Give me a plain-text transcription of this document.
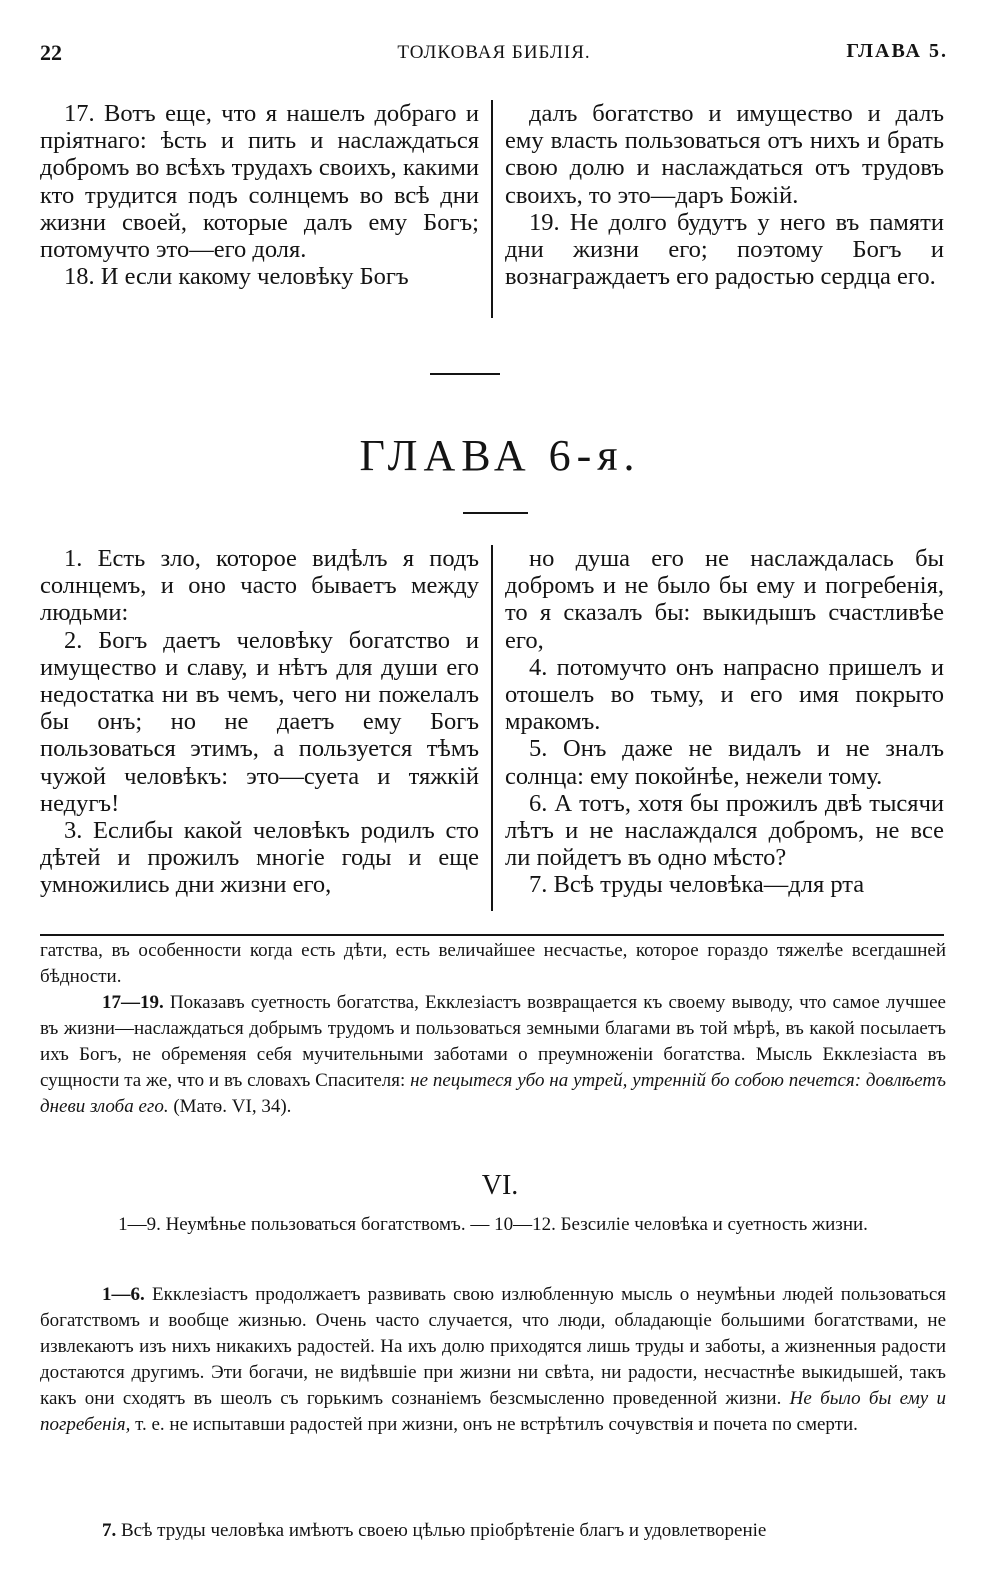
22	ТОЛКОВАЯ БИБЛІЯ.	ГЛАВА 5.

17. Вотъ еще, что я нашелъ добраго и пріятнаго: ѣсть и пить и наслаждаться добромъ во всѣхъ трудахъ своихъ, какими кто трудится подъ солнцемъ во всѣ дни жизни своей, которые далъ ему Богъ; потомучто это—его доля.

18. И если какому человѣку Богъ

далъ богатство и имущество и далъ ему власть пользоваться отъ нихъ и брать свою долю и наслаждаться отъ трудовъ своихъ, то это—даръ Божій.

19. Не долго будутъ у него въ памяти дни жизни его; поэтому Богъ и вознаграждаетъ его радостью сердца его.

ГЛАВА 6-я.

1. Есть зло, которое видѣлъ я подъ солнцемъ, и оно часто бываетъ между людьми:

2. Богъ даетъ человѣку богатство и имущество и славу, и нѣтъ для души его недостатка ни въ чемъ, чего ни пожелалъ бы онъ; но не даетъ ему Богъ пользоваться этимъ, а пользуется тѣмъ чужой человѣкъ: это—суета и тяжкій недугъ!

3. Еслибы какой человѣкъ родилъ сто дѣтей и прожилъ многіе годы и еще умножились дни жизни его,

но душа его не наслаждалась бы добромъ и не было бы ему и погребенія, то я сказалъ бы: выкидышъ счастливѣе его,

4. потомучто онъ напрасно пришелъ и отошелъ во тьму, и его имя покрыто мракомъ.

5. Онъ даже не видалъ и не зналъ солнца: ему покойнѣе, нежели тому.

6. А тотъ, хотя бы прожилъ двѣ тысячи лѣтъ и не наслаждался добромъ, не все ли пойдетъ въ одно мѣсто?

7. Всѣ труды человѣка—для рта

гатства, въ особенности когда есть дѣти, есть величайшее несчастье, которое гораздо тяжелѣе всегдашней бѣдности.

17—19. Показавъ суетность богатства, Екклезіастъ возвращается къ своему выводу, что самое лучшее въ жизни—наслаждаться добрымъ трудомъ и пользоваться земными благами въ той мѣрѣ, въ какой посылаетъ ихъ Богъ, не обременяя себя мучительными заботами о преумноженіи богатства. Мысль Екклезіаста въ сущности та же, что и въ словахъ Спасителя: не пецытеся убо на утрей, утренній бо собою печется: довлѣетъ дневи злоба его. (Матѳ. VI, 34).

VI.

1—9. Неумѣнье пользоваться богатствомъ. — 10—12. Безсиліе человѣка и суетность жизни.

1—6. Екклезіастъ продолжаетъ развивать свою излюбленную мысль о неумѣньи людей пользоваться богатствомъ и вообще жизнью. Очень часто случается, что люди, обладающіе большими богатствами, не извлекаютъ изъ нихъ никакихъ радостей. На ихъ долю приходятся лишь труды и заботы, а жизненныя радости достаются другимъ. Эти богачи, не видѣвшіе при жизни ни свѣта, ни радости, несчастнѣе выкидышей, такъ какъ они сходятъ въ шеолъ съ горькимъ сознаніемъ безсмысленно проведенной жизни. Не было бы ему и погребенія, т. е. не испытавши радостей при жизни, онъ не встрѣтилъ сочувствія и почета по смерти.

7. Всѣ труды человѣка имѣютъ своею цѣлью пріобрѣтеніе благъ и удовлетвореніе
